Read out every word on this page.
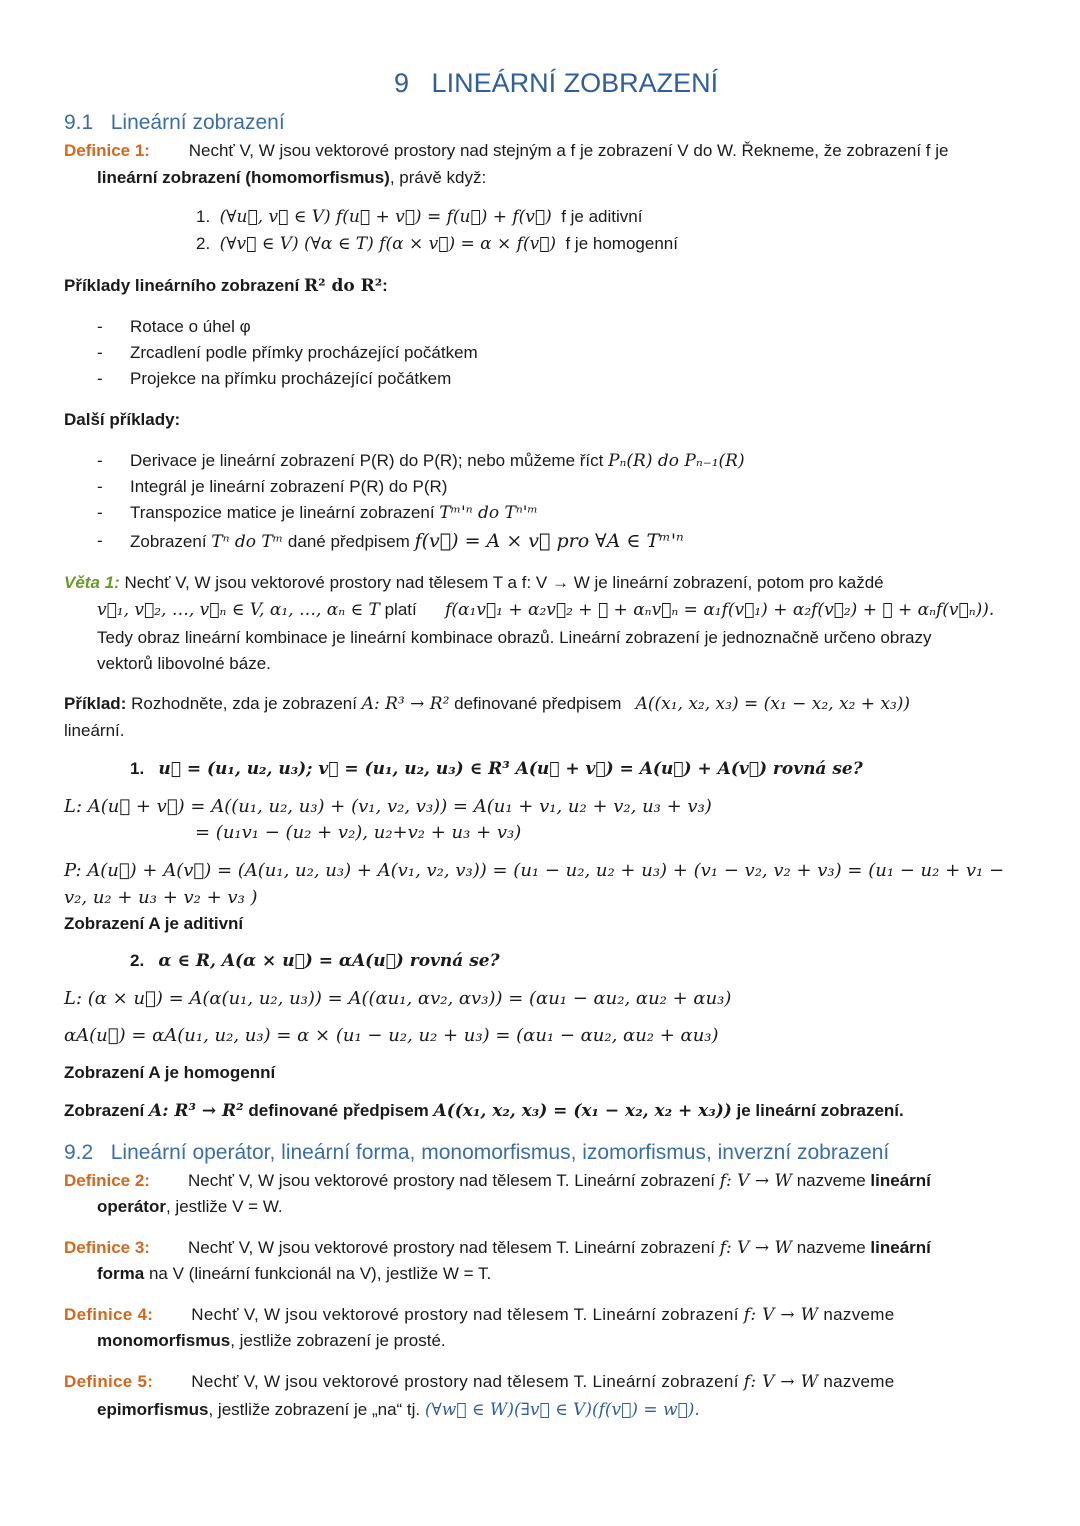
9 LINEÁRNÍ ZOBRAZENÍ
9.1 Lineární zobrazení
Definice 1: Nechť V, W jsou vektorové prostory nad stejným a f je zobrazení V do W. Řekneme, že zobrazení f je
lineární zobrazení (homomorfismus), právě když:
1. (∀u⃗, v⃗ ∈ V) f(u⃗ + v⃗) = f(u⃗) + f(v⃗) f je aditivní
2. (∀v⃗ ∈ V) (∀α ∈ T) f(α × v⃗) = α × f(v⃗) f je homogenní
Příklady lineárního zobrazení R² do R²:
- Rotace o úhel φ
- Zrcadlení podle přímky procházející počátkem
- Projekce na přímku procházející počátkem
Další příklady:
- Derivace je lineární zobrazení P(R) do P(R); nebo můžeme říct Pₙ(R) do Pₙ₋₁(R)
- Integrál je lineární zobrazení P(R) do P(R)
- Transpozice matice je lineární zobrazení Tᵐ'ⁿ do Tⁿ'ᵐ
- Zobrazení Tⁿ do Tᵐ dané předpisem f(v⃗) = A × v⃗ pro ∀A ∈ Tᵐ'ⁿ
Věta 1: Nechť V, W jsou vektorové prostory nad tělesem T a f: V → W je lineární zobrazení, potom pro každé
v⃗₁, v⃗₂, …, v⃗ₙ ∈ V, α₁, …, αₙ ∈ T platí      f(α₁v⃗₁ + α₂v⃗₂ + ⋯ + αₙv⃗ₙ = α₁f(v⃗₁) + α₂f(v⃗₂) + ⋯ + αₙf(v⃗ₙ)).
Tedy obraz lineární kombinace je lineární kombinace obrazů. Lineární zobrazení je jednoznačně určeno obrazy
vektorů libovolné báze.
Příklad: Rozhodněte, zda je zobrazení A: R³ → R² definované předpisem   A((x₁, x₂, x₃) = (x₁ − x₂, x₂ + x₃))
lineární.
1. u⃗ = (u₁, u₂, u₃); v⃗ = (u₁, u₂, u₃) ∈ R³ A(u⃗ + v⃗) = A(u⃗) + A(v⃗) rovná se?
L: A(u⃗ + v⃗) = A((u₁, u₂, u₃) + (v₁, v₂, v₃)) = A(u₁ + v₁, u₂ + v₂, u₃ + v₃)
= (u₁v₁ − (u₂ + v₂), u₂+v₂ + u₃ + v₃)
P: A(u⃗) + A(v⃗) = (A(u₁, u₂, u₃) + A(v₁, v₂, v₃)) = (u₁ − u₂, u₂ + u₃) + (v₁ − v₂, v₂ + v₃) = (u₁ − u₂ + v₁ −
v₂, u₂ + u₃ + v₂ + v₃ )
Zobrazení A je aditivní
2. α ∈ R, A(α × u⃗) = αA(u⃗) rovná se?
L: (α × u⃗) = A(α(u₁, u₂, u₃)) = A((αu₁, αv₂, αv₃)) = (αu₁ − αu₂, αu₂ + αu₃)
αA(u⃗) = αA(u₁, u₂, u₃) = α × (u₁ − u₂, u₂ + u₃) = (αu₁ − αu₂, αu₂ + αu₃)
Zobrazení A je homogenní
Zobrazení A: R³ → R² definované předpisem A((x₁, x₂, x₃) = (x₁ − x₂, x₂ + x₃)) je lineární zobrazení.
9.2 Lineární operátor, lineární forma, monomorfismus, izomorfismus, inverzní zobrazení
Definice 2: Nechť V, W jsou vektorové prostory nad tělesem T. Lineární zobrazení f: V → W nazveme lineární
operátor, jestliže V = W.
Definice 3: Nechť V, W jsou vektorové prostory nad tělesem T. Lineární zobrazení f: V → W nazveme lineární
forma na V (lineární funkcionál na V), jestliže W = T.
Definice 4: Nechť V, W jsou vektorové prostory nad tělesem T. Lineární zobrazení f: V → W nazveme
monomorfismus, jestliže zobrazení je prosté.
Definice 5: Nechť V, W jsou vektorové prostory nad tělesem T. Lineární zobrazení f: V → W nazveme
epimorfismus, jestliže zobrazení je „na“ tj. (∀w⃗ ∈ W)(∃v⃗ ∈ V)(f(v⃗) = w⃗).
